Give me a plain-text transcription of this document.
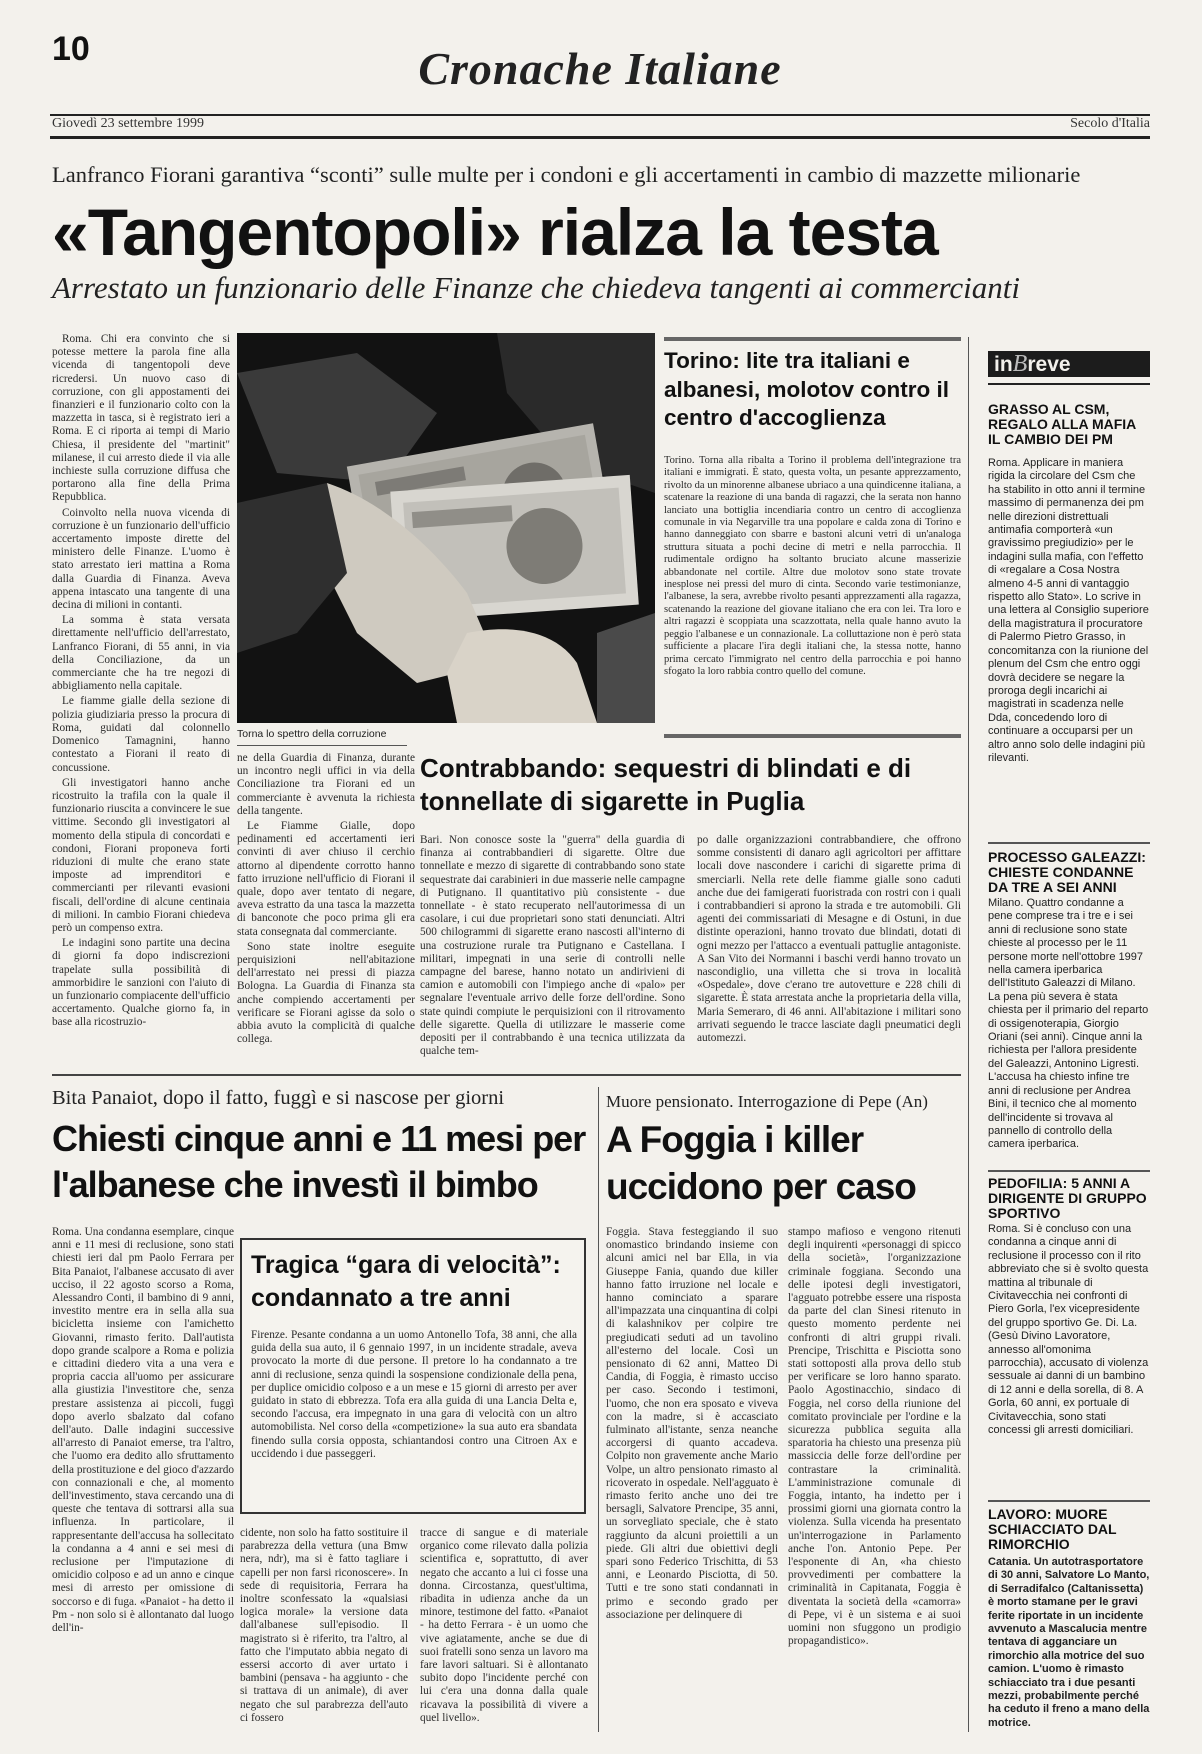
10	Cronache Italiane
Giovedì 23 settembre 1999	Secolo d'Italia
Lanfranco Fiorani garantiva “sconti” sulle multe per i condoni e gli accertamenti in cambio di mazzette milionarie
«Tangentopoli» rialza la testa
Arrestato un funzionario delle Finanze che chiedeva tangenti ai commercianti

Roma. Chi era convinto che si potesse mettere la parola fine alla vicenda di tangentopoli deve ricredersi. Un nuovo caso di corruzione, con gli appostamenti dei finanzieri e il funzionario colto con la mazzetta in tasca, si è registrato ieri a Roma. E ci riporta ai tempi di Mario Chiesa, il presidente del "martinit" milanese, il cui arresto diede il via alle inchieste sulla corruzione diffusa che portarono alla fine della Prima Repubblica.

Coinvolto nella nuova vicenda di corruzione è un funzionario dell'ufficio accertamento imposte dirette del ministero delle Finanze. L'uomo è stato arrestato ieri mattina a Roma dalla Guardia di Finanza. Aveva appena intascato una tangente di una decina di milioni in contanti.

La somma è stata versata direttamente nell'ufficio dell'arrestato, Lanfranco Fiorani, di 55 anni, in via della Conciliazione, da un commerciante che ha tre negozi di abbigliamento nella capitale.

Le fiamme gialle della sezione di polizia giudiziaria presso la procura di Roma, guidati dal colonnello Domenico Tamagnini, hanno contestato a Fiorani il reato di concussione.

Gli investigatori hanno anche ricostruito la trafila con la quale il funzionario riuscita a convincere le sue vittime. Secondo gli investigatori al momento della stipula di concordati e condoni, Fiorani proponeva forti riduzioni di multe che erano state imposte ad imprenditori e commercianti per rilevanti evasioni fiscali, dell'ordine di alcune centinaia di milioni. In cambio Fiorani chiedeva però un compenso extra.

Le indagini sono partite una decina di giorni fa dopo indiscrezioni trapelate sulla possibilità di ammorbidire le sanzioni con l'aiuto di un funzionario compiacente dell'ufficio accertamento. Qualche giorno fa, in base alla ricostruzio-

Torna lo spettro della corruzione

ne della Guardia di Finanza, durante un incontro negli uffici in via della Conciliazione tra Fiorani ed un commerciante è avvenuta la richiesta della tangente.

Le Fiamme Gialle, dopo pedinamenti ed accertamenti ieri convinti di aver chiuso il cerchio attorno al dipendente corrotto hanno fatto irruzione nell'ufficio di Fiorani il quale, dopo aver tentato di negare, aveva estratto da una tasca la mazzetta di banconote che poco prima gli era stata consegnata dal commerciante.

Sono state inoltre eseguite perquisizioni nell'abitazione dell'arrestato nei pressi di piazza Bologna. La Guardia di Finanza sta anche compiendo accertamenti per verificare se Fiorani agisse da solo o abbia avuto la complicità di qualche collega.

Torino: lite tra italiani e albanesi, molotov contro il centro d'accoglienza
Torino. Torna alla ribalta a Torino il problema dell'integrazione tra italiani e immigrati. È stato, questa volta, un pesante apprezzamento, rivolto da un minorenne albanese ubriaco a una quindicenne italiana, a scatenare la reazione di una banda di ragazzi, che la serata non hanno lanciato una bottiglia incendiaria contro un centro di accoglienza comunale in via Negarville tra una popolare e calda zona di Torino e hanno danneggiato con sbarre e bastoni alcuni vetri di un'analoga struttura situata a pochi decine di metri e nella parrocchia. Il rudimentale ordigno ha soltanto bruciato alcune masserizie abbandonate nel cortile. Altre due molotov sono state trovate inesplose nei pressi del muro di cinta. Secondo varie testimonianze, l'albanese, la sera, avrebbe rivolto pesanti apprezzamenti alla ragazza, scatenando la reazione del giovane italiano che era con lei. Tra loro e altri ragazzi è scoppiata una scazzottata, nella quale hanno avuto la peggio l'albanese e un connazionale. La colluttazione non è però stata sufficiente a placare l'ira degli italiani che, la stessa notte, hanno prima cercato l'immigrato nel centro della parrocchia e poi hanno sfogato la loro rabbia contro quello del comune.
Contrabbando: sequestri di blindati e di tonnellate di sigarette in Puglia
Bari. Non conosce soste la "guerra" della guardia di finanza ai contrabbandieri di sigarette. Oltre due tonnellate e mezzo di sigarette di contrabbando sono state sequestrate dai carabinieri in due masserie nelle campagne di Putignano. Il quantitativo più consistente - due tonnellate - è stato recuperato nell'autorimessa di un casolare, i cui due proprietari sono stati denunciati. Altri 500 chilogrammi di sigarette erano nascosti all'interno di una costruzione rurale tra Putignano e Castellana. I militari, impegnati in una serie di controlli nelle campagne del barese, hanno notato un andirivieni di camion e automobili con l'impiego anche di «palo» per segnalare l'eventuale arrivo delle forze dell'ordine. Sono state quindi compiute le perquisizioni con il ritrovamento delle sigarette. Quella di utilizzare le masserie come depositi per il contrabbando è una tecnica utilizzata da qualche tem-
po dalle organizzazioni contrabbandiere, che offrono somme consistenti di danaro agli agricoltori per affittare locali dove nascondere i carichi di sigarette prima di smerciarli. Nella rete delle fiamme gialle sono caduti anche due dei famigerati fuoristrada con rostri con i quali i contrabbandieri si aprono la strada e tre automobili. Gli agenti dei commissariati di Mesagne e di Ostuni, in due distinte operazioni, hanno trovato due blindati, dotati di ogni mezzo per l'attacco a eventuali pattuglie antagoniste. A San Vito dei Normanni i baschi verdi hanno trovato un nascondiglio, una villetta che si trova in località «Ospedale», dove c'erano tre autovetture e 228 chili di sigarette. È stata arrestata anche la proprietaria della villa, Maria Semeraro, di 46 anni. All'abitazione i militari sono arrivati seguendo le tracce lasciate dagli pneumatici degli automezzi.
Bita Panaiot, dopo il fatto, fuggì e si nascose per giorni
Chiesti cinque anni e 11 mesi per l'albanese che investì il bimbo
Roma. Una condanna esemplare, cinque anni e 11 mesi di reclusione, sono stati chiesti ieri dal pm Paolo Ferrara per Bita Panaiot, l'albanese accusato di aver ucciso, il 22 agosto scorso a Roma, Alessandro Conti, il bambino di 9 anni, investito mentre era in sella alla sua bicicletta insieme con l'amichetto Giovanni, rimasto ferito. Dall'autista dopo grande scalpore a Roma e polizia e cittadini diedero vita a una vera e propria caccia all'uomo per assicurare alla giustizia l'investitore che, senza prestare assistenza ai piccoli, fuggì dopo averlo sbalzato dal cofano dell'auto. Dalle indagini successive all'arresto di Panaiot emerse, tra l'altro, che l'uomo era dedito allo sfruttamento della prostituzione e del gioco d'azzardo con connazionali e che, al momento dell'investimento, stava cercando una di queste che tentava di sottrarsi alla sua influenza. In particolare, il rappresentante dell'accusa ha sollecitato la condanna a 4 anni e sei mesi di reclusione per l'imputazione di omicidio colposo e ad un anno e cinque mesi di arresto per omissione di soccorso e di fuga. «Panaiot - ha detto il Pm - non solo si è allontanato dal luogo dell'in-
Tragica “gara di velocità”: condannato a tre anni
Firenze. Pesante condanna a un uomo Antonello Tofa, 38 anni, che alla guida della sua auto, il 6 gennaio 1997, in un incidente stradale, aveva provocato la morte di due persone. Il pretore lo ha condannato a tre anni di reclusione, senza quindi la sospensione condizionale della pena, per duplice omicidio colposo e a un mese e 15 giorni di arresto per aver guidato in stato di ebbrezza. Tofa era alla guida di una Lancia Delta e, secondo l'accusa, era impegnato in una gara di velocità con un altro automobilista. Nel corso della «competizione» la sua auto era sbandata finendo sulla corsia opposta, schiantandosi contro una Citroen Ax e uccidendo i due passeggeri.
cidente, non solo ha fatto sostituire il parabrezza della vettura (una Bmw nera, ndr), ma si è fatto tagliare i capelli per non farsi riconoscere». In sede di requisitoria, Ferrara ha inoltre sconfessato la «qualsiasi logica morale» la versione data dall'albanese sull'episodio. Il magistrato si è riferito, tra l'altro, al fatto che l'imputato abbia negato di essersi accorto di aver urtato i bambini (pensava - ha aggiunto - che si trattava di un animale), di aver negato che sul parabrezza dell'auto ci fossero
tracce di sangue e di materiale organico come rilevato dalla polizia scientifica e, soprattutto, di aver negato che accanto a lui ci fosse una donna. Circostanza, quest'ultima, ribadita in udienza anche da un minore, testimone del fatto. «Panaiot - ha detto Ferrara - è un uomo che vive agiatamente, anche se due di suoi fratelli sono senza un lavoro ma fare lavori saltuari. Si è allontanato subito dopo l'incidente perché con lui c'era una donna dalla quale ricavava la possibilità di vivere a quel livello».
Muore pensionato. Interrogazione di Pepe (An)
A Foggia i killer uccidono per caso
Foggia. Stava festeggiando il suo onomastico brindando insieme con alcuni amici nel bar Ella, in via Giuseppe Fania, quando due killer hanno fatto irruzione nel locale e hanno cominciato a sparare all'impazzata una cinquantina di colpi di kalashnikov per colpire tre pregiudicati seduti ad un tavolino all'esterno del locale. Così un pensionato di 62 anni, Matteo Di Candia, di Foggia, è rimasto ucciso per caso. Secondo i testimoni, l'uomo, che non era sposato e viveva con la madre, si è accasciato fulminato all'istante, senza neanche accorgersi di quanto accadeva. Colpito non gravemente anche Mario Volpe, un altro pensionato rimasto al ricoverato in ospedale. Nell'agguato è rimasto ferito anche uno dei tre bersagli, Salvatore Prencipe, 35 anni, un sorvegliato speciale, che è stato raggiunto da alcuni proiettili a un piede. Gli altri due obiettivi degli spari sono Federico Trischitta, di 53 anni, e Leonardo Pisciotta, di 50. Tutti e tre sono stati condannati in primo e secondo grado per associazione per delinquere di
stampo mafioso e vengono ritenuti degli inquirenti «personaggi di spicco della società», l'organizzazione criminale foggiana. Secondo una delle ipotesi degli investigatori, l'agguato potrebbe essere una risposta da parte del clan Sinesi ritenuto in questo momento perdente nei confronti di altri gruppi rivali. Prencipe, Trischitta e Pisciotta sono stati sottoposti alla prova dello stub per verificare se loro hanno sparato. Paolo Agostinacchio, sindaco di Foggia, nel corso della riunione del comitato provinciale per l'ordine e la sicurezza pubblica seguita alla sparatoria ha chiesto una presenza più massiccia delle forze dell'ordine per contrastare la criminalità. L'amministrazione comunale di Foggia, intanto, ha indetto per i prossimi giorni una giornata contro la violenza. Sulla vicenda ha presentato un'interrogazione in Parlamento anche l'on. Antonio Pepe. Per l'esponente di An, «ha chiesto provvedimenti per combattere la criminalità in Capitanata, Foggia è diventata la società della «camorra» di Pepe, vi è un sistema e ai suoi uomini non sfuggono un prodigio propagandistico».
inBreve
GRASSO AL CSM, REGALO ALLA MAFIA IL CAMBIO DEI PM
Roma. Applicare in maniera rigida la circolare del Csm che ha stabilito in otto anni il termine massimo di permanenza dei pm nelle direzioni distrettuali antimafia comporterà «un gravissimo pregiudizio» per le indagini sulla mafia, con l'effetto di «regalare a Cosa Nostra almeno 4-5 anni di vantaggio rispetto allo Stato». Lo scrive in una lettera al Consiglio superiore della magistratura il procuratore di Palermo Pietro Grasso, in concomitanza con la riunione del plenum del Csm che entro oggi dovrà decidere se negare la proroga degli incarichi ai magistrati in scadenza nelle Dda, concedendo loro di continuare a occuparsi per un altro anno solo delle indagini più rilevanti.
PROCESSO GALEAZZI: CHIESTE CONDANNE DA TRE A SEI ANNI
Milano. Quattro condanne a pene comprese tra i tre e i sei anni di reclusione sono state chieste al processo per le 11 persone morte nell'ottobre 1997 nella camera iperbarica dell'Istituto Galeazzi di Milano. La pena più severa è stata chiesta per il primario del reparto di ossigenoterapia, Giorgio Oriani (sei anni). Cinque anni la richiesta per l'allora presidente del Galeazzi, Antonino Ligresti. L'accusa ha chiesto infine tre anni di reclusione per Andrea Bini, il tecnico che al momento dell'incidente si trovava al pannello di controllo della camera iperbarica.
PEDOFILIA: 5 ANNI A DIRIGENTE DI GRUPPO SPORTIVO
Roma. Si è concluso con una condanna a cinque anni di reclusione il processo con il rito abbreviato che si è svolto questa mattina al tribunale di Civitavecchia nei confronti di Piero Gorla, l'ex vicepresidente del gruppo sportivo Ge. Di. La. (Gesù Divino Lavoratore, annesso all'omonima parrocchia), accusato di violenza sessuale ai danni di un bambino di 12 anni e della sorella, di 8. A Gorla, 60 anni, ex portuale di Civitavecchia, sono stati concessi gli arresti domiciliari.
LAVORO: MUORE SCHIACCIATO DAL RIMORCHIO
Catania. Un autotrasportatore di 30 anni, Salvatore Lo Manto, di Serradifalco (Caltanissetta) è morto stamane per le gravi ferite riportate in un incidente avvenuto a Mascalucia mentre tentava di agganciare un rimorchio alla motrice del suo camion. L'uomo è rimasto schiacciato tra i due pesanti mezzi, probabilmente perché ha ceduto il freno a mano della motrice.
